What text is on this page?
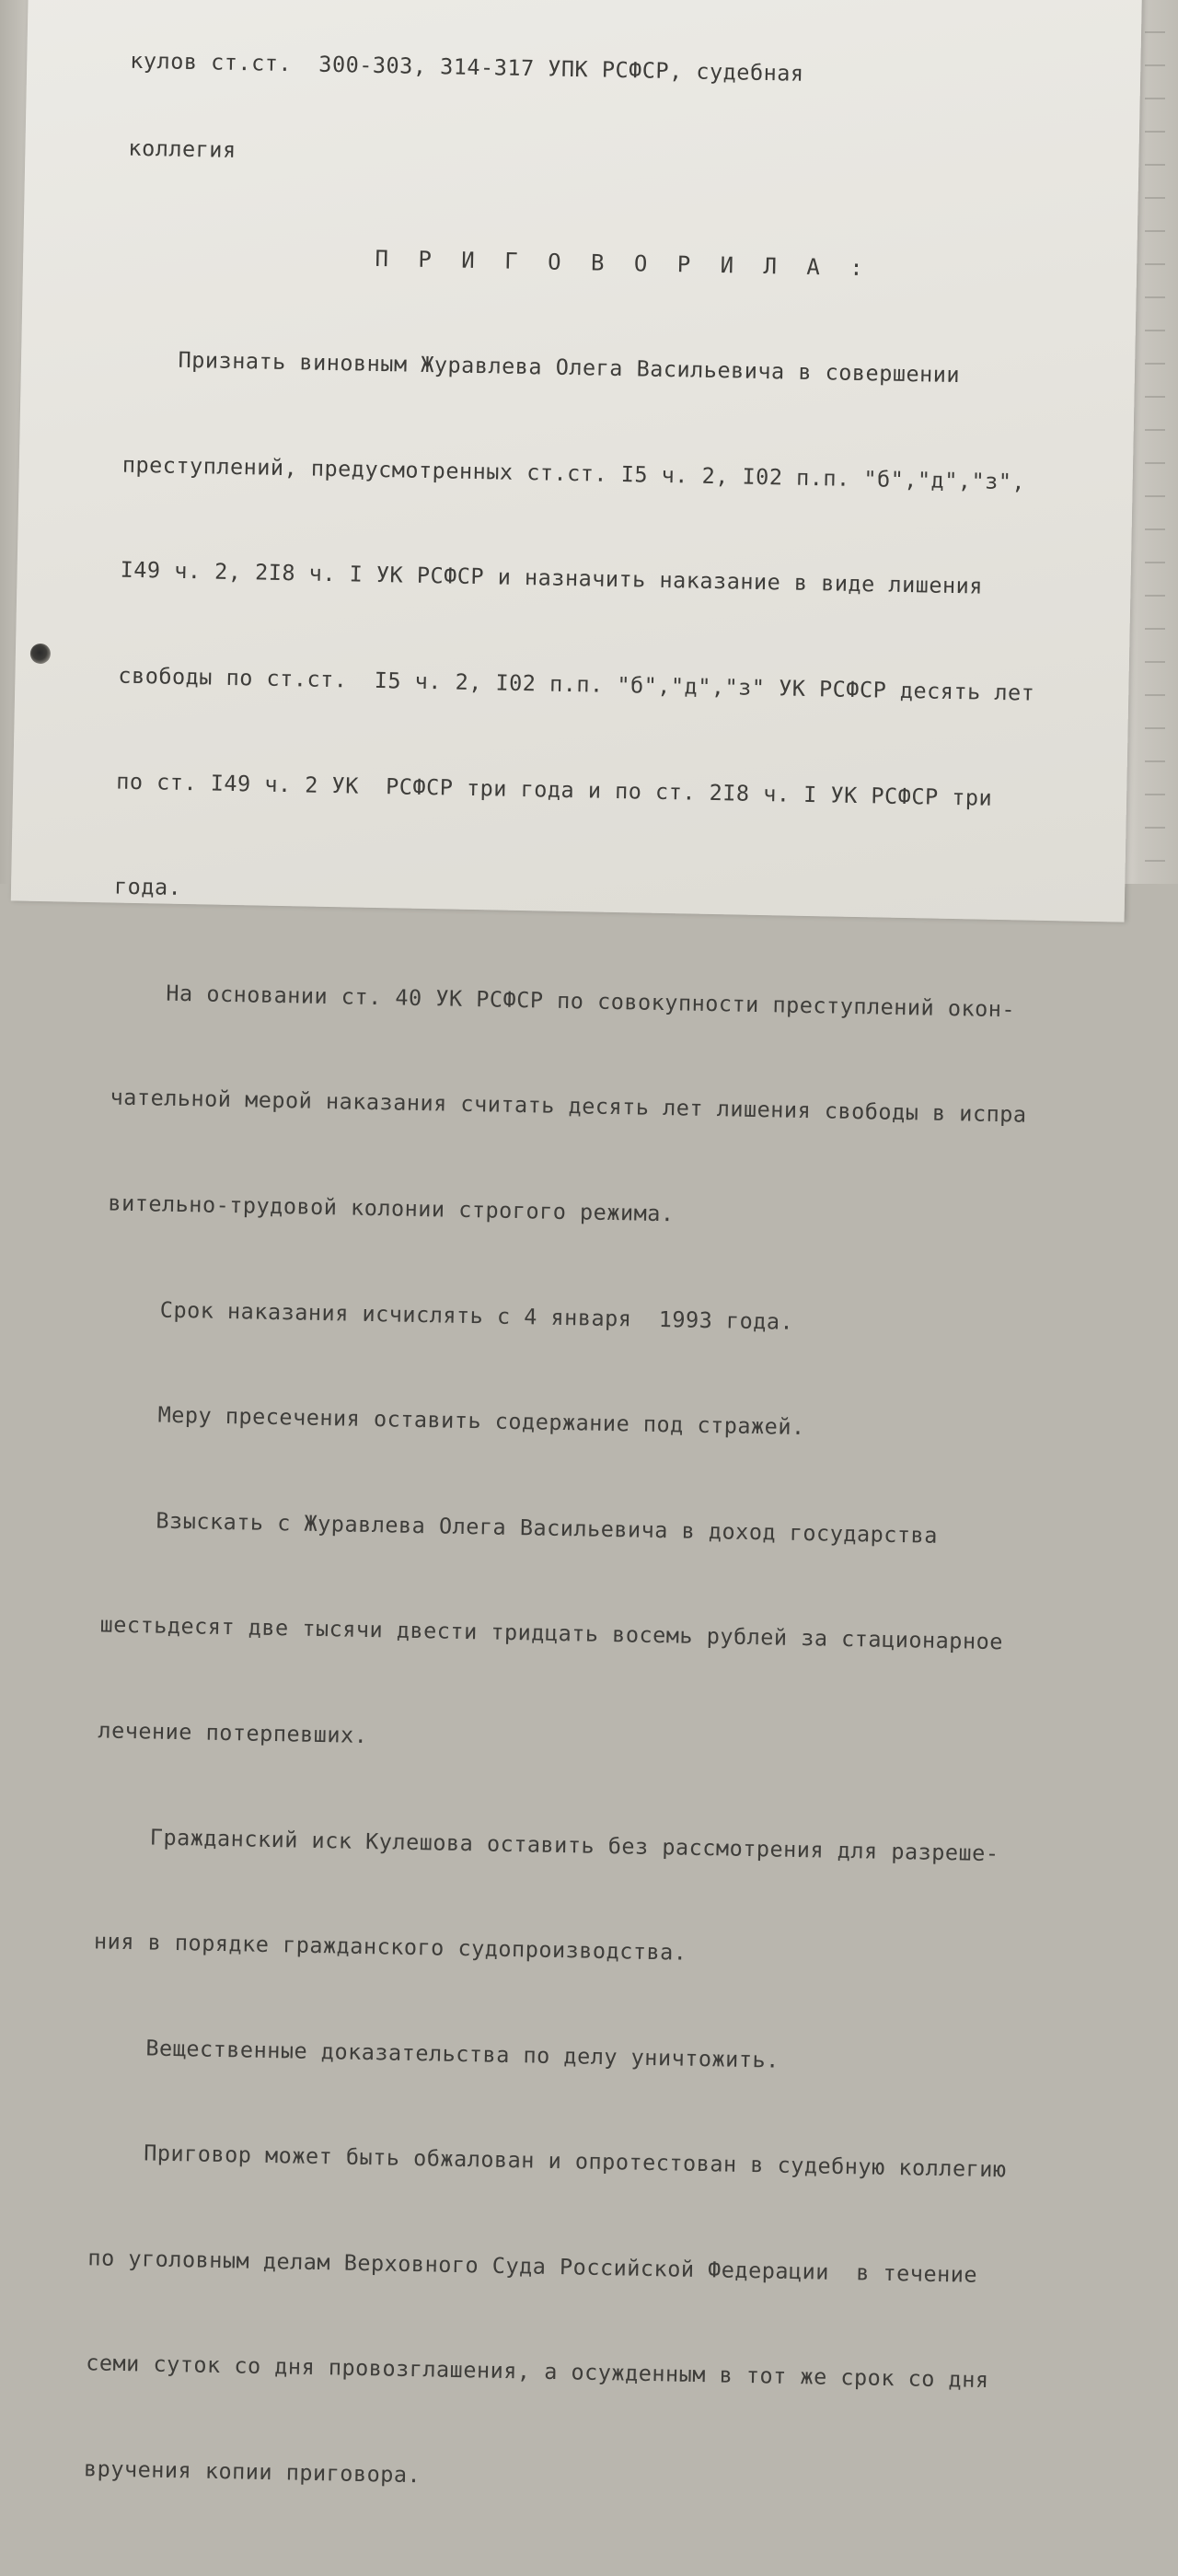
кулов ст.ст.  300-303, 314-317 УПК РСФСР, судебная

коллегия

П Р И Г О В О Р И Л А :

Признать виновным Журавлева Олега Васильевича в совершении

преступлений, предусмотренных ст.ст. I5 ч. 2, I02 п.п. "б","д","з",

I49 ч. 2, 2I8 ч. I УК РСФСР и назначить наказание в виде лишения

свободы по ст.ст.  I5 ч. 2, I02 п.п. "б","д","з" УК РСФСР десять лет

по ст. I49 ч. 2 УК  РСФСР три года и по ст. 2I8 ч. I УК РСФСР три

года.

На основании ст. 40 УК РСФСР по совокупности преступлений окон-

чательной мерой наказания считать десять лет лишения свободы в испра

вительно-трудовой колонии строгого режима.

Срок наказания исчислять с 4 января  1993 года.

Меру пресечения оставить содержание под стражей.

Взыскать с Журавлева Олега Васильевича в доход государства

шестьдесят две тысячи двести тридцать восемь рублей за стационарное

лечение потерпевших.

Гражданский иск Кулешова оставить без рассмотрения для разреше-

ния в порядке гражданского судопроизводства.

Вещественные доказательства по делу уничтожить.

Приговор может быть обжалован и опротестован в судебную коллегию

по уголовным делам Верховного Суда Российской Федерации  в течение

семи суток со дня провозглашения, а осужденным в тот же срок со дня

вручения копии приговора.
